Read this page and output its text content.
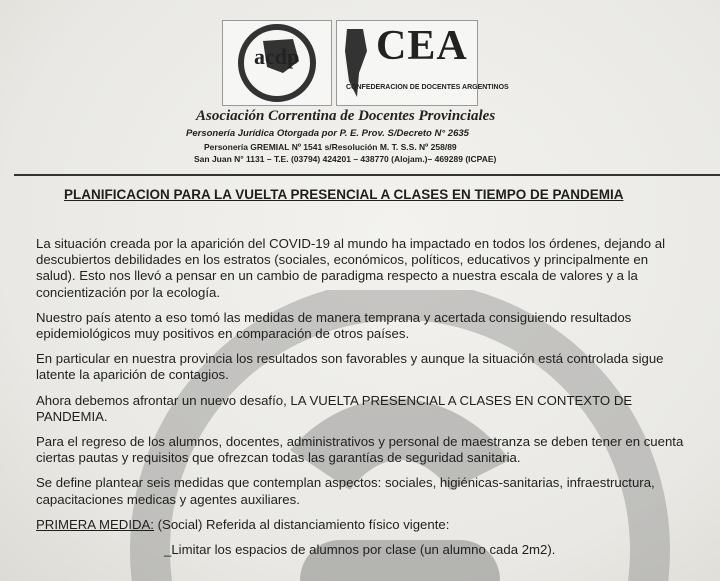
acdp CEA
CONFEDERACION DE DOCENTES ARGENTINOS
Asociación Correntina de Docentes Provinciales
Personería Jurídica Otorgada por P. E. Prov. S/Decreto N° 2635
Personería GREMIAL Nº 1541 s/Resolución M. T. S.S. Nº 258/89
San Juan N° 1131 – T.E. (03794) 424201 – 438770 (Alojam.)– 469289 (ICPAE)
PLANIFICACION PARA LA VUELTA PRESENCIAL A CLASES EN TIEMPO DE PANDEMIA

La situación creada por la aparición del COVID-19 al mundo ha impactado en todos los órdenes, dejando al descubiertos debilidades en los estratos (sociales, económicos, políticos, educativos y principalmente en salud). Esto nos llevó a pensar en un cambio de paradigma respecto a nuestra escala de valores y a la concientización por la ecología.

Nuestro país atento a eso tomó las medidas de manera temprana y acertada consiguiendo resultados epidemiológicos muy positivos en comparación de otros países.

En particular en nuestra provincia los resultados son favorables y aunque la situación está controlada sigue latente la aparición de contagios.

Ahora debemos afrontar un nuevo desafío, LA VUELTA PRESENCIAL A CLASES EN CONTEXTO DE PANDEMIA.

Para el regreso de los alumnos, docentes, administrativos y personal de maestranza se deben tener en cuenta ciertas pautas y requisitos que ofrezcan todas las garantías de seguridad sanitaria.

Se define plantear seis medidas que contemplan aspectos: sociales, higiénicas-sanitarias, infraestructura, capacitaciones medicas y agentes auxiliares.

PRIMERA MEDIDA: (Social) Referida al distanciamiento físico vigente:

_Limitar los espacios de alumnos por clase (un alumno cada 2m2).
